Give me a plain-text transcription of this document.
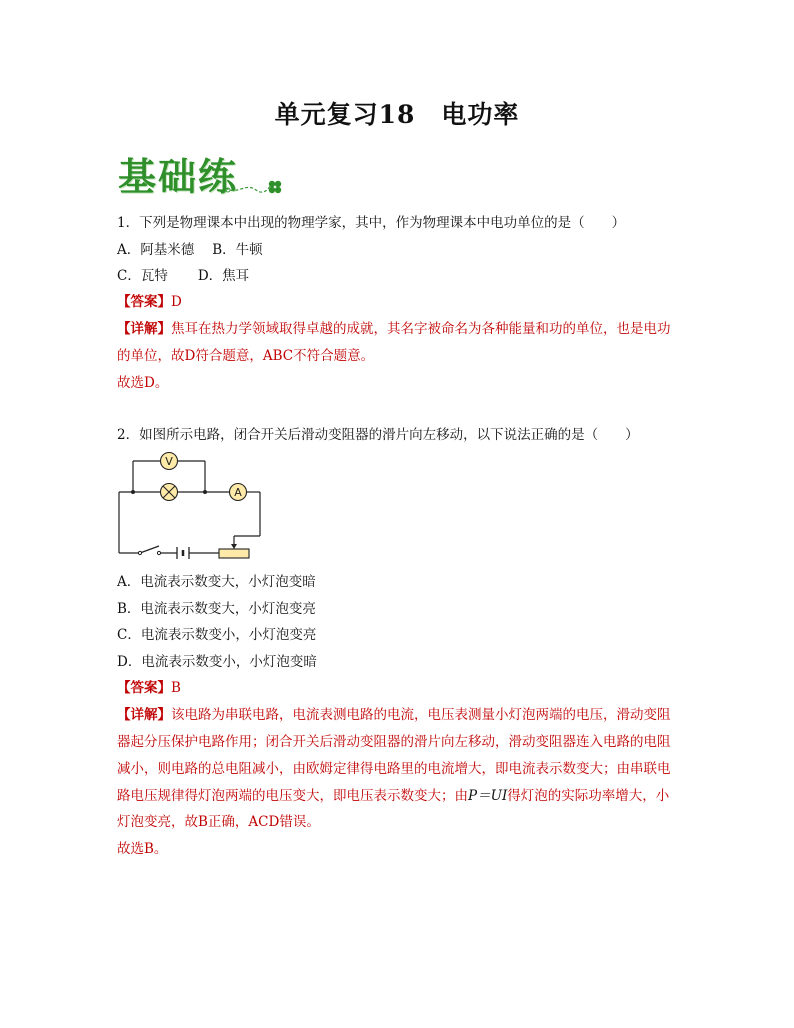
单元复习18　电功率
基础练
1．下列是物理课本中出现的物理学家，其中，作为物理课本中电功单位的是（　　）
A．阿基米德 B．牛顿
C．瓦特 D．焦耳
【答案】D
【详解】焦耳在热力学领域取得卓越的成就，其名字被命名为各种能量和功的单位，也是电功
的单位，故D符合题意，ABC不符合题意。
故选D。
2．如图所示电路，闭合开关后滑动变阻器的滑片向左移动，以下说法正确的是（　　）
V
A
A．电流表示数变大，小灯泡变暗
B．电流表示数变大，小灯泡变亮
C．电流表示数变小，小灯泡变亮
D．电流表示数变小，小灯泡变暗
【答案】B
【详解】该电路为串联电路，电流表测电路的电流，电压表测量小灯泡两端的电压，滑动变阻
器起分压保护电路作用；闭合开关后滑动变阻器的滑片向左移动，滑动变阻器连入电路的电阻
减小，则电路的总电阻减小，由欧姆定律得电路里的电流增大，即电流表示数变大；由串联电
路电压规律得灯泡两端的电压变大，即电压表示数变大；由P＝UI得灯泡的实际功率增大，小
灯泡变亮，故B正确，ACD错误。
故选B。
